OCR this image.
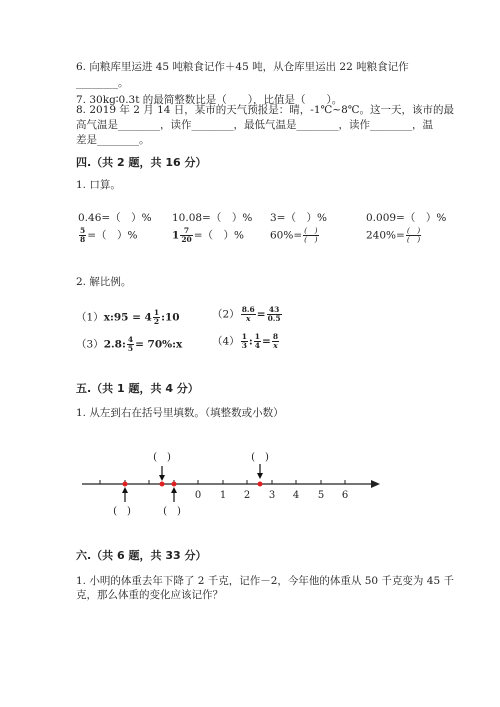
6. 向粮库里运进 45 吨粮食记作＋45 吨，从仓库里运出 22 吨粮食记作
________。
7. 30kg∶0.3t 的最简整数比是（　　），比值是（　　）。
8. 2019 年 2 月 14 日，某市的天气预报是：晴，-1℃~8℃。这一天，该市的最
高气温是________，读作________，最低气温是________，读作________，温
差是________。
四.（共 2 题，共 16 分）
1. 口算。
0.46=（　）% 10.08=（　）% 3=（　）%	0.009=（　）%
$\frac{5}{8}$ =（　）%	$1 \frac{7}{20}$ =（　）% $60\%= \frac{( )}{( )}$	$240\%= \frac{( )}{( )}$
2. 解比例。
（1）x:95 = $4 \frac{1}{2}$ :10	$(2) \frac{8.6}{x} = \frac{43}{0.5}$
（3）2.8: $\frac{4}{5}$ = 70%:x	$(4) \frac{1}{3}$ : $\frac{1}{4} = \frac{8}{x}$
五.（共 1 题，共 4 分）
1. 从左到右在括号里填数。（填整数或小数）
0 1 2 3 4 5 6
(　)	(　)
(　)	(　)
六.（共 6 题，共 33 分）
1. 小明的体重去年下降了 2 千克，记作－2，今年他的体重从 50 千克变为 45 千
克，那么体重的变化应该记作？
